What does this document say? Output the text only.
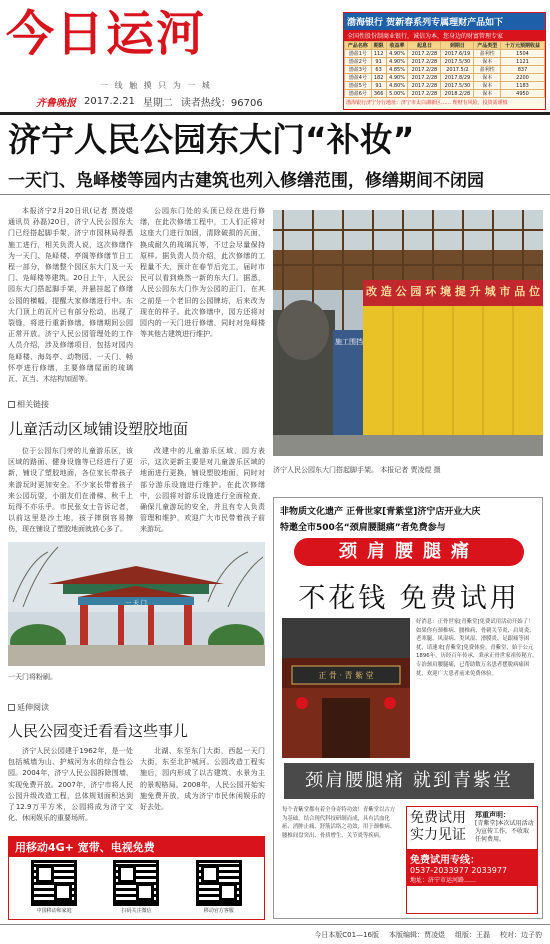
今日运河
一 线 触 摸 只 为 一 城
齐鲁晚报 2017.2.21 星期二 读者热线：96706
渤海银行 贺新春系列专属理财产品如下
全国性股份制商业银行，诚信为本，您身边的财富管理专家
产品名称	期限	收益率	起息日	到期日	产品类型	十万元预期收益
渤盈1号	112	4.90%	2017.2/28	2017.6/19	盈利性	1504
渤盈2号	91	4.90%	2017.2/28	2017.5/30	保本	1121
渤盈3号	63	4.85%	2017.2/28	2017.5/2	盈利性	837
渤盈4号	182	4.90%	2017.2/28	2017.8/29	保本	2200
渤盈5号	91	4.80%	2017.2/28	2017.5/30	保本	1183
渤盈6号	366	5.00%	2017.2/28	2018.2/28	保本	4950
渤海银行济宁分行地址：济宁市太白湖新区…… 理财有风险，投资需谨慎
济宁人民公园东大门“补妆”
一天门、凫峄楼等园内古建筑也列入修缮范围，修缮期间不闭园
本报济宁2月20日讯(记者 贾凌煜 通讯员 孙磊)20日，济宁人民公园东大门已经搭起脚手架，济宁市园林局得悉施工进行，相关负责人说，这次修缮作为一天门、凫峄楼、亭阁等修缮节日工程一部分，修缮整个园区东大门及一天门、凫峄楼等建筑。20日上午，人民公园东大门搭起脚手架，并悬挂起了修缮公园的横幅，提醒大家修缮进行中。东大门顶上的瓦片已有部分松动，出现了裂缝，将进行重新修缮，修缮期间公园正常开放。济宁人民公园管理处的工作人员介绍，涉及修缮项目，包括对园内凫峄楼、海岛亭、动物园、一天门、畅怀亭进行修缮，主要修缮屋面的琉璃瓦、瓦当、木结构加固等。
公园东门处的头顶已经在进行修缮，在此次修缮工程中，工人们正将对这座大门进行加固，清除破损的瓦面，换成耐久的琉璃瓦等，不过会尽量保持原样。据负责人员介绍，此次修缮的工程量不大，预计在春节后完工，届时市民可以看到焕然一新的东大门。据悉，人民公园东大门作为公园的正门，在其之前是一个老旧的公园牌坊，后来改为现在的样子。此次修缮中，园方还将对园内的一天门进行修缮，同时对凫峄楼等其他古建筑进行维护。
改 造 公 园 环 境 提 升 城 市 品 位
施工围挡
济宁人民公园东大门搭起脚手架。 本报记者 贾凌煜 摄
相关链接
儿童活动区域铺设塑胶地面
位于公园东门旁的儿童游乐区，该区域的路面、健身设施等已经进行了更新，铺设了塑胶地面，各位家长带孩子来游玩时更加安全。不少家长带着孩子来公园玩耍，小朋友们在滑梯、秋千上玩得不亦乐乎。市民张女士告诉记者，以前这里是沙土地，孩子摔倒容易擦伤，现在铺设了塑胶地面就放心多了。
改建中的儿童游乐区域，园方表示，这次更新主要是对儿童游乐区域的地面进行更换，铺设塑胶地面，同时对部分游乐设施进行维护。在此次修缮中，公园将对游乐设施进行全面检查，确保儿童游玩的安全，并且有专人负责管理和维护，欢迎广大市民带着孩子前来游玩。
一 天 门
一天门将粉刷。
延伸阅读
人民公园变迁看看这些事儿
济宁人民公园建于1962年，是一处包括城墙为山、护城河为水的综合性公园。2004年，济宁人民公园拆除围墙，实现免费开放。2007年，济宁市将人民公园升级改造工程，总体规划面积达到了12.9万平方米，公园将成为济宁文化、休闲娱乐的重要场所。
北湖、东至东门大街，西起一天门大街，东至北护城河。公园改造工程实施后，园内形成了以古建筑、水景为主的景观格局。2008年，人民公园开始实施免费开放，成为济宁市民休闲娱乐的好去处。
用移动4G+ 宽带、电视免费
中国移动和家庭	扫码关注微信	移动官方客服
非物质文化遗产 正骨世家[青紫堂]济宁店开业大庆
特邀全市500名“颈肩腰腿痛”者免费参与
颈肩腰腿痛
不花钱 免费试用
正 骨 · 青 紫 堂
好消息：正骨世家[青紫堂]免费试用活动开始了！如果你有颈椎病、腰椎病、骨刺关节炎、肩周炎、老寒腿、风湿病、类风湿、滑膜炎、足跟痛等困扰，请速来[青紫堂]免费体验。青紫堂，始于公元1896年，历经百年传承，秉承正骨世家祖传秘方，专治颈肩腰腿痛，已帮助数万名患者摆脱病痛困扰，欢迎广大患者前来免费体验。
颈肩腰腿痛 就到青紫堂
每个青紫堂都有着全身奇特功效！青紫堂以古方为基础，结合现代科技研制而成，具有活血化瘀、消肿止痛、舒筋活络之功效，用于颈椎病、腰椎间盘突出、骨质增生、关节炎等疾病。
免费试用 实力见证
郑重声明：
[青紫堂]本次试用活动为宣传工作，不收取任何费用。
免费试用专线：
0537-2033977 2033977
地址：济宁市运河路……
今日本版C01—16版 本版编辑：贾凌煜 组版：王磊 校对：边子豹
